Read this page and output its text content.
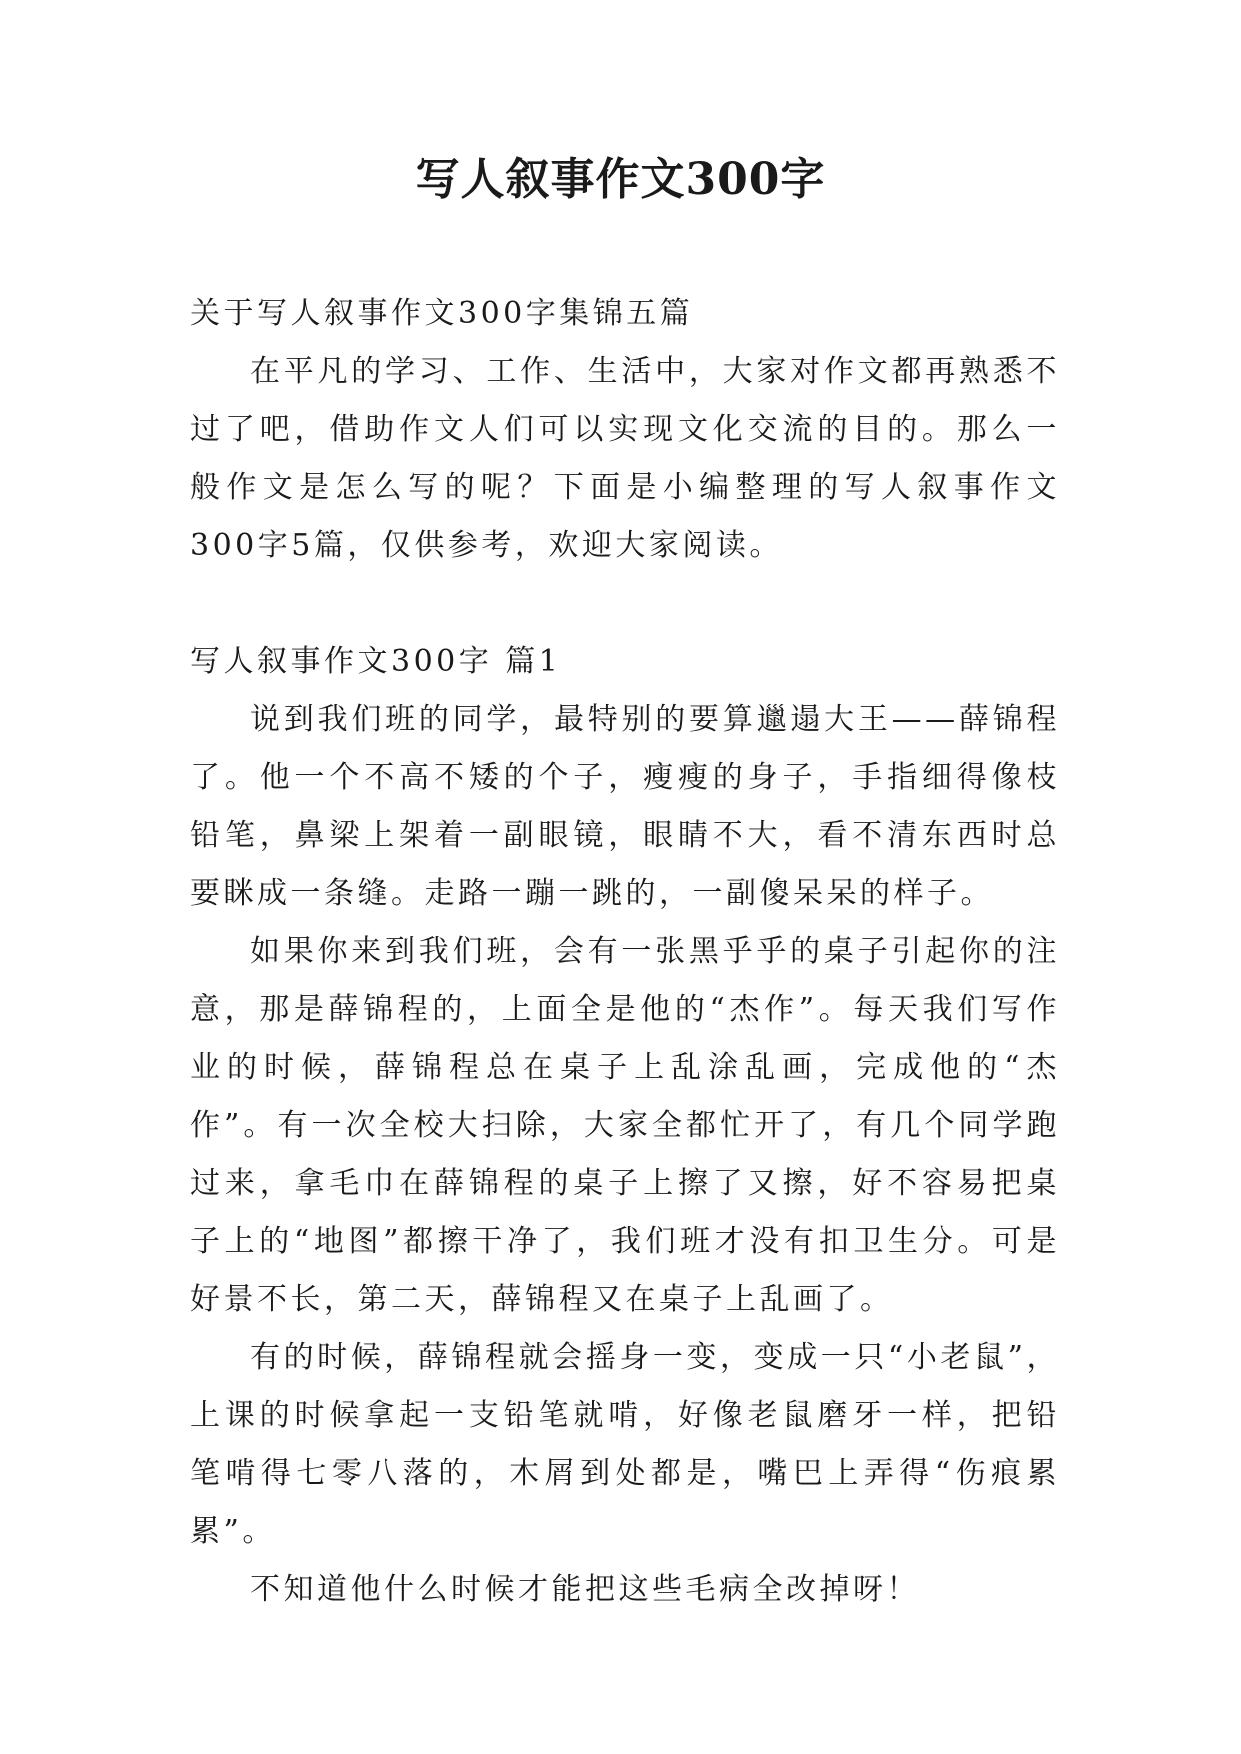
写人叙事作文300字

关于写人叙事作文300字集锦五篇

在平凡的学习、工作、生活中，大家对作文都再熟悉不过了吧，借助作文人们可以实现文化交流的目的。那么一般作文是怎么写的呢？下面是小编整理的写人叙事作文300字5篇，仅供参考，欢迎大家阅读。

写人叙事作文300字 篇1

说到我们班的同学，最特别的要算邋遢大王——薛锦程了。他一个不高不矮的个子，瘦瘦的身子，手指细得像枝铅笔，鼻梁上架着一副眼镜，眼睛不大，看不清东西时总要眯成一条缝。走路一蹦一跳的，一副傻呆呆的样子。

如果你来到我们班，会有一张黑乎乎的桌子引起你的注意，那是薛锦程的，上面全是他的“杰作”。每天我们写作业的时候，薛锦程总在桌子上乱涂乱画，完成他的“杰作”。有一次全校大扫除，大家全都忙开了，有几个同学跑过来，拿毛巾在薛锦程的桌子上擦了又擦，好不容易把桌子上的“地图”都擦干净了，我们班才没有扣卫生分。可是好景不长，第二天，薛锦程又在桌子上乱画了。

有的时候，薛锦程就会摇身一变，变成一只“小老鼠”，上课的时候拿起一支铅笔就啃，好像老鼠磨牙一样，把铅笔啃得七零八落的，木屑到处都是，嘴巴上弄得“伤痕累累”。

不知道他什么时候才能把这些毛病全改掉呀！
